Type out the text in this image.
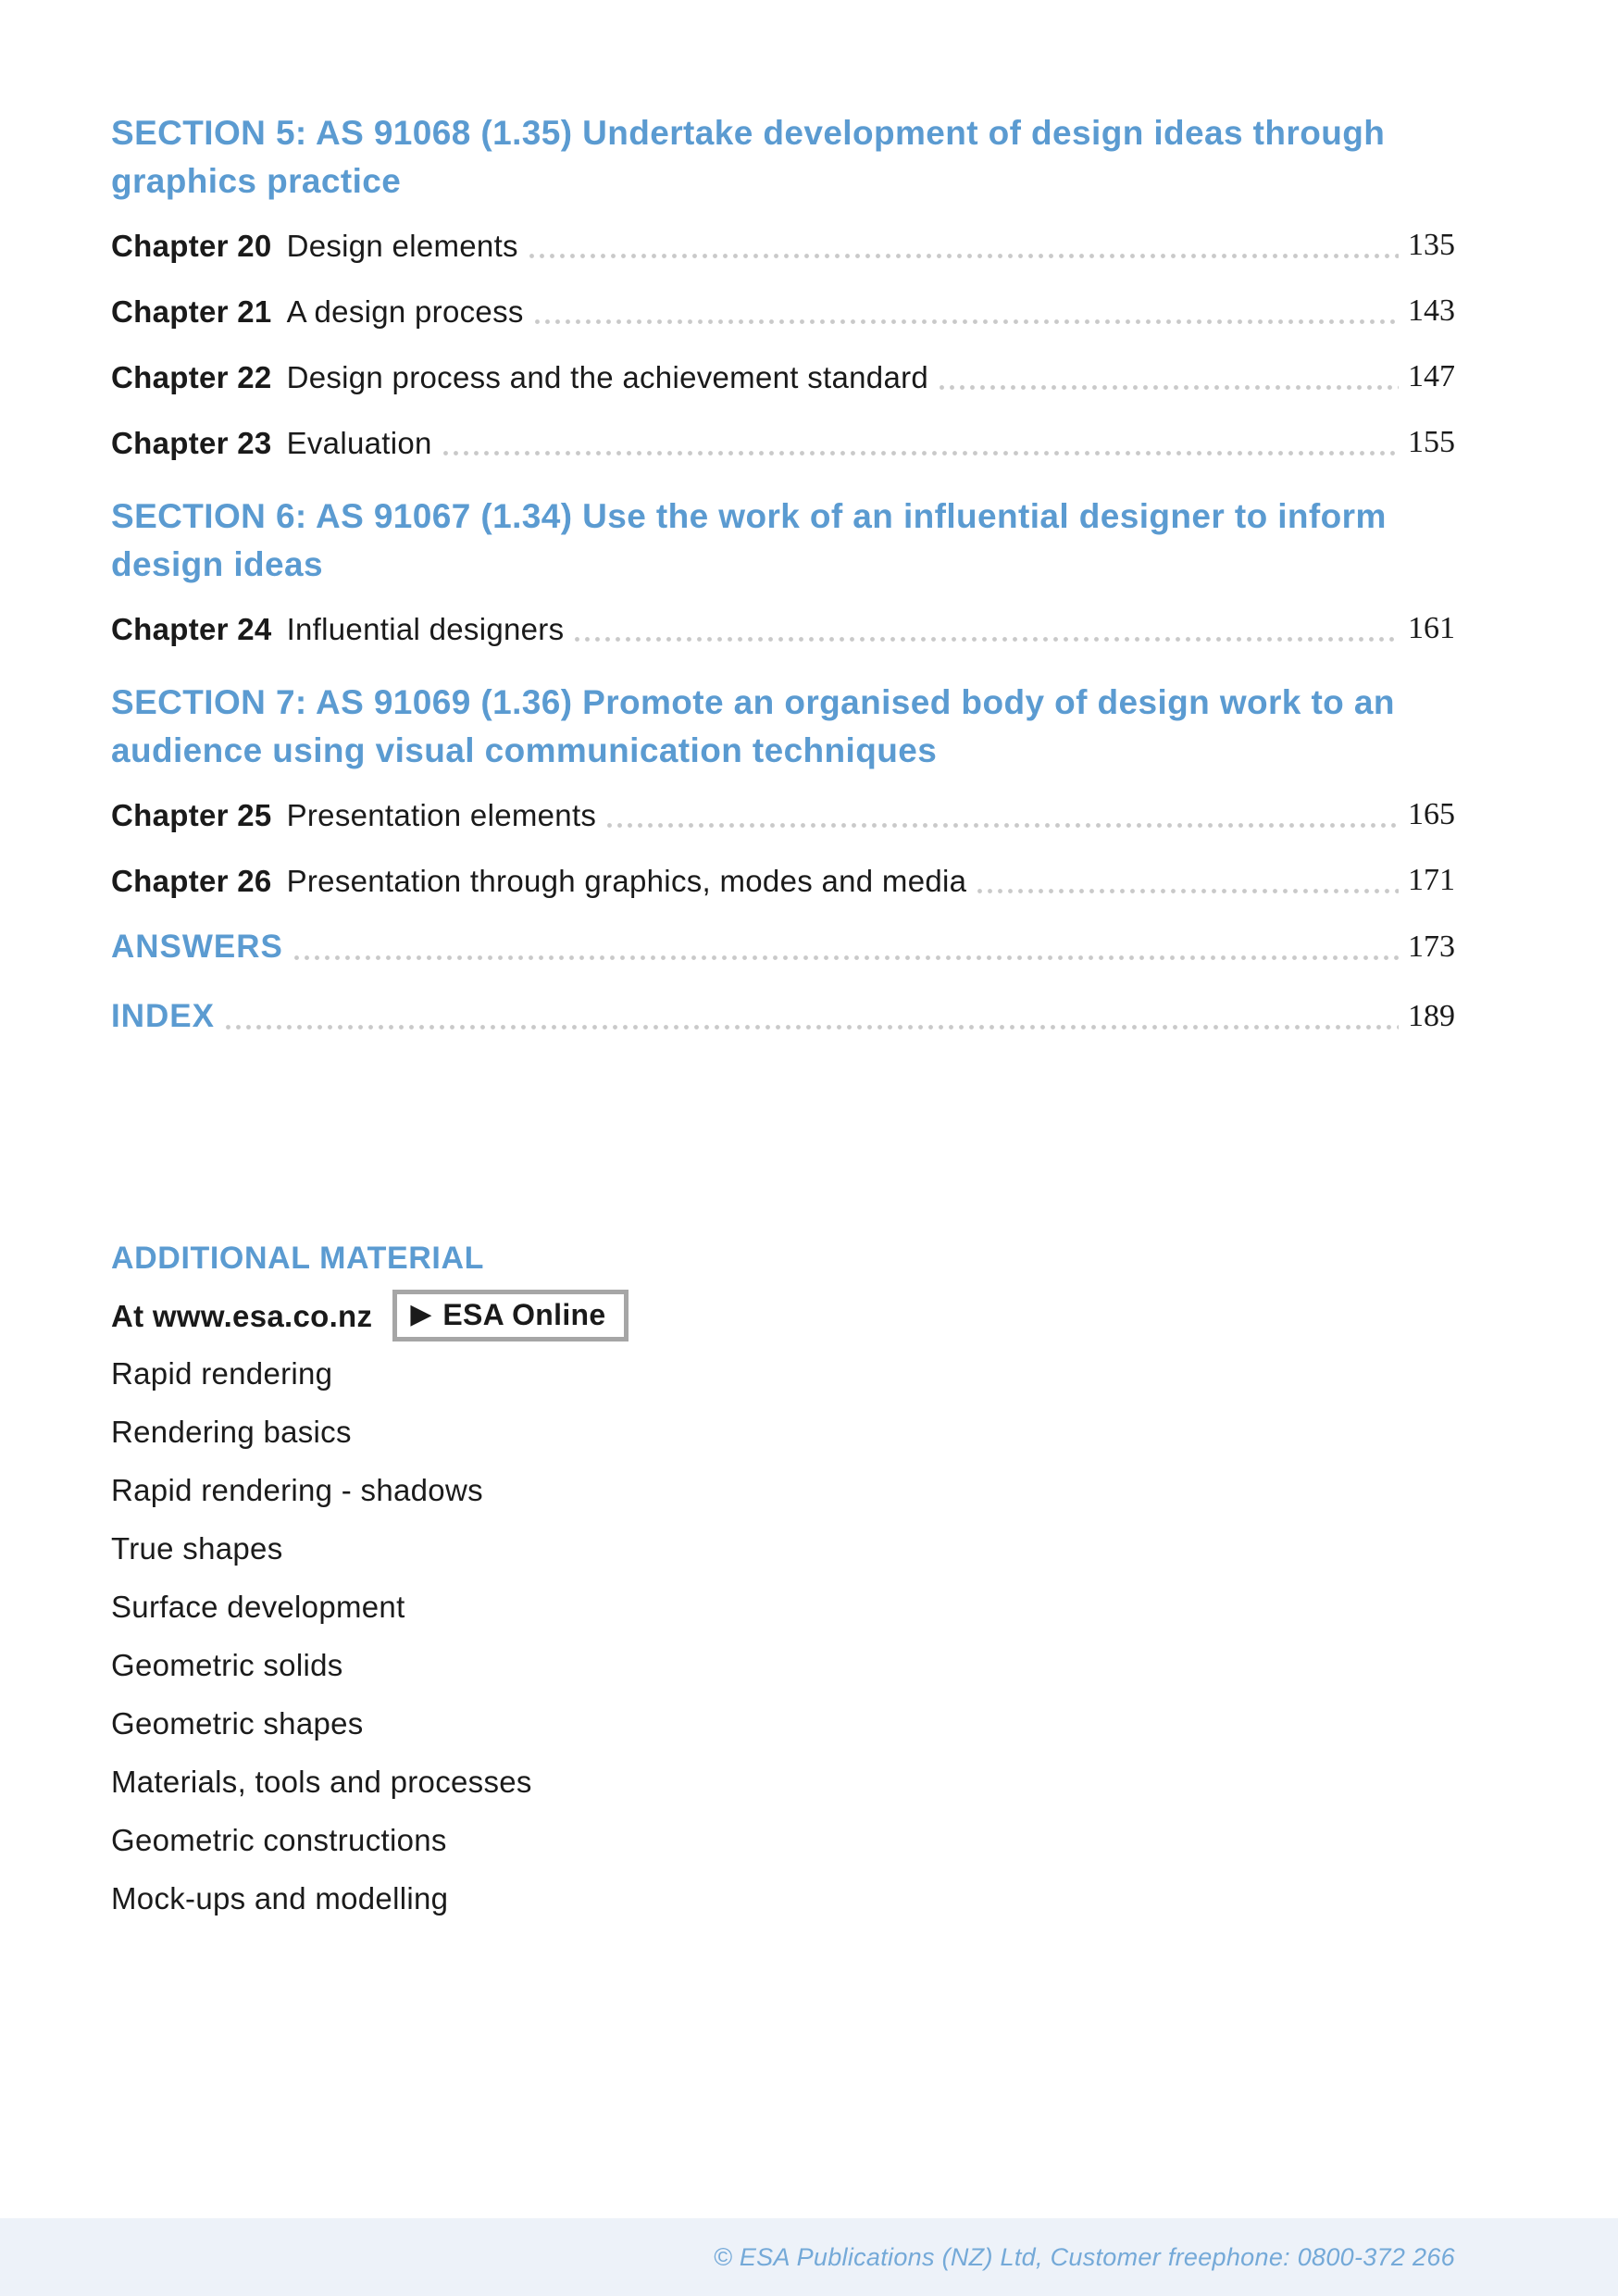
SECTION 5: AS 91068 (1.35) Undertake development of design ideas through graphics practice
Chapter 20 Design elements	135
Chapter 21 A design process	143
Chapter 22 Design process and the achievement standard	147
Chapter 23 Evaluation	155
SECTION 6: AS 91067 (1.34) Use the work of an influential designer to inform design ideas
Chapter 24 Influential designers	161
SECTION 7: AS 91069 (1.36) Promote an organised body of design work to an audience using visual communication techniques
Chapter 25 Presentation elements	165
Chapter 26 Presentation through graphics, modes and media	171
ANSWERS	173
INDEX	189
ADDITIONAL MATERIAL
At www.esa.co.nz ▶ ESA Online
Rapid rendering
Rendering basics
Rapid rendering - shadows
True shapes
Surface development
Geometric solids
Geometric shapes
Materials, tools and processes
Geometric constructions
Mock-ups and modelling
© ESA Publications (NZ) Ltd, Customer freephone: 0800-372 266
